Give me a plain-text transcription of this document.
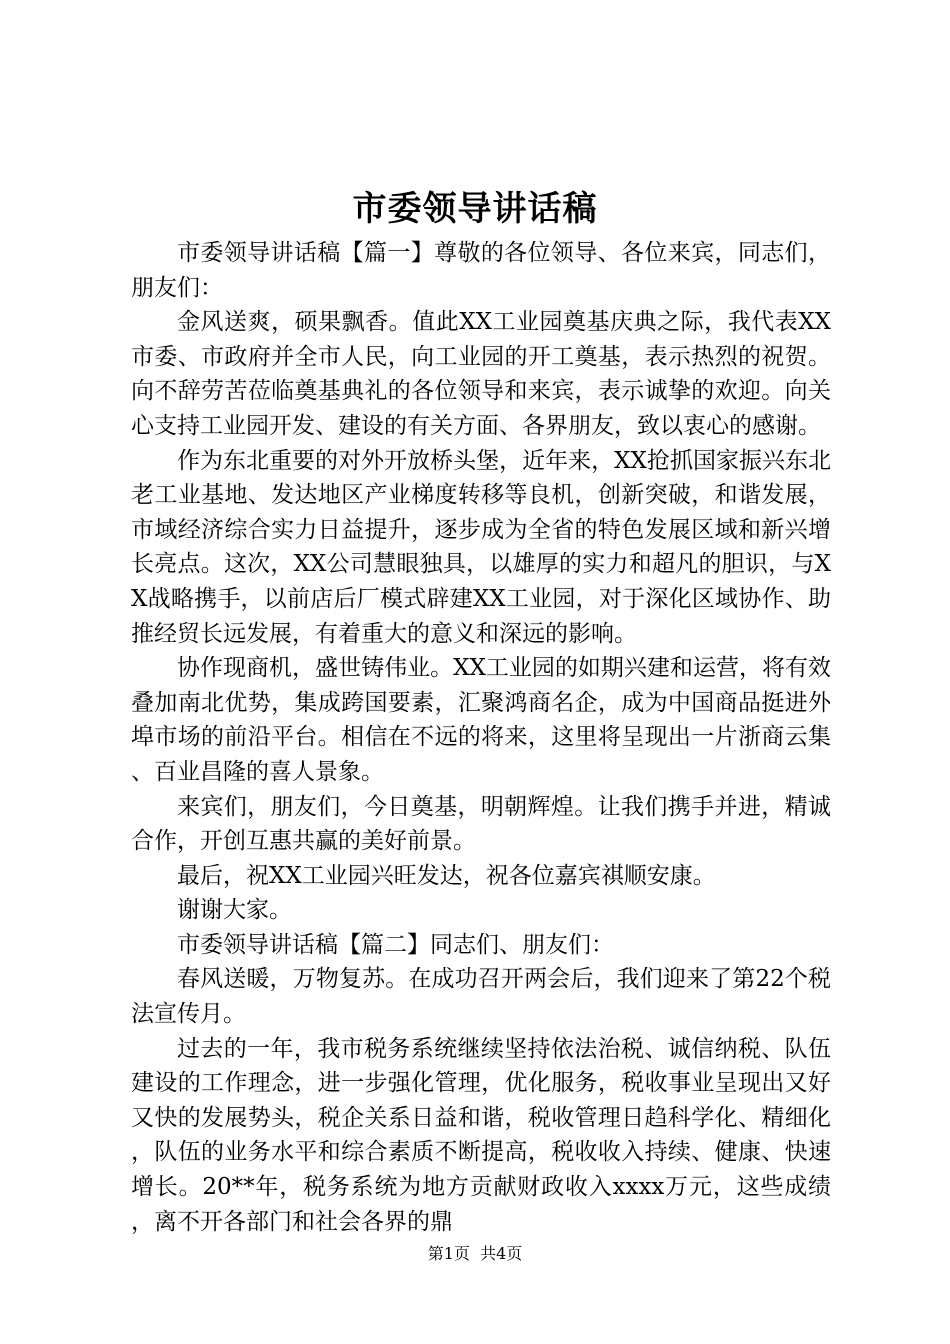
市委领导讲话稿

市委领导讲话稿【篇一】尊敬的各位领导、各位来宾，同志们，朋友们：

金风送爽，硕果飘香。值此XX工业园奠基庆典之际，我代表XX市委、市政府并全市人民，向工业园的开工奠基，表示热烈的祝贺。向不辞劳苦莅临奠基典礼的各位领导和来宾，表示诚挚的欢迎。向关心支持工业园开发、建设的有关方面、各界朋友，致以衷心的感谢。

作为东北重要的对外开放桥头堡，近年来，XX抢抓国家振兴东北老工业基地、发达地区产业梯度转移等良机，创新突破，和谐发展，市域经济综合实力日益提升，逐步成为全省的特色发展区域和新兴增长亮点。这次，XX公司慧眼独具，以雄厚的实力和超凡的胆识，与XX战略携手，以前店后厂模式辟建XX工业园，对于深化区域协作、助推经贸长远发展，有着重大的意义和深远的影响。

协作现商机，盛世铸伟业。XX工业园的如期兴建和运营，将有效叠加南北优势，集成跨国要素，汇聚鸿商名企，成为中国商品挺进外埠市场的前沿平台。相信在不远的将来，这里将呈现出一片浙商云集、百业昌隆的喜人景象。

来宾们，朋友们，今日奠基，明朝辉煌。让我们携手并进，精诚合作，开创互惠共赢的美好前景。

最后，祝XX工业园兴旺发达，祝各位嘉宾祺顺安康。

谢谢大家。

市委领导讲话稿【篇二】同志们、朋友们：

春风送暖，万物复苏。在成功召开两会后，我们迎来了第22个税法宣传月。

过去的一年，我市税务系统继续坚持依法治税、诚信纳税、队伍建设的工作理念，进一步强化管理，优化服务，税收事业呈现出又好又快的发展势头，税企关系日益和谐，税收管理日趋科学化、精细化，队伍的业务水平和综合素质不断提高，税收收入持续、健康、快速增长。20**年，税务系统为地方贡献财政收入xxxx万元，这些成绩，离不开各部门和社会各界的鼎

第1页 共4页
